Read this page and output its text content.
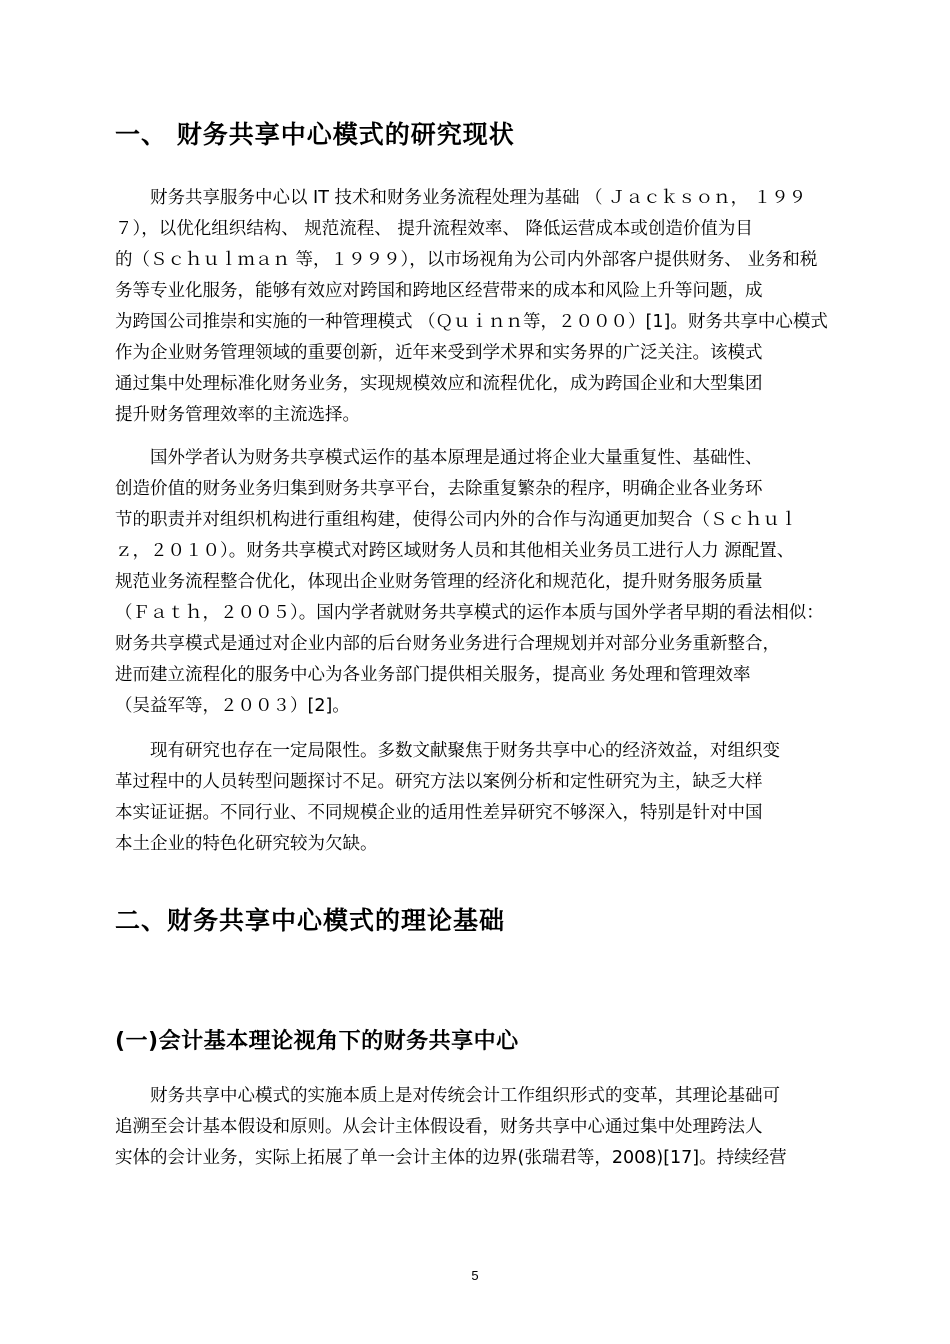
一、 财务共享中心模式的研究现状
财务共享服务中心以 IT 技术和财务业务流程处理为基础 （ Ｊａｃｋｓｏｎ， １９９
７），以优化组织结构、 规范流程、 提升流程效率、 降低运营成本或创造价值为目
的（Ｓｃｈｕｌｍａｎ 等，１９９９），以市场视角为公司内外部客户提供财务、 业务和税
务等专业化服务，能够有效应对跨国和跨地区经营带来的成本和风险上升等问题，成
为跨国公司推崇和实施的一种管理模式 （Ｑｕｉｎｎ等，２０００）[1]。财务共享中心模式
作为企业财务管理领域的重要创新，近年来受到学术界和实务界的广泛关注。该模式
通过集中处理标准化财务业务，实现规模效应和流程优化，成为跨国企业和大型集团
提升财务管理效率的主流选择。
国外学者认为财务共享模式运作的基本原理是通过将企业大量重复性、基础性、
创造价值的财务业务归集到财务共享平台，去除重复繁杂的程序，明确企业各业务环
节的职责并对组织机构进行重组构建，使得公司内外的合作与沟通更加契合（Ｓｃｈｕｌ
ｚ，２０１０）。财务共享模式对跨区域财务人员和其他相关业务员工进行人力 源配置、
规范业务流程整合优化，体现出企业财务管理的经济化和规范化，提升财务服务质量
（Ｆａｔｈ，２００５）。国内学者就财务共享模式的运作本质与国外学者早期的看法相似：
财务共享模式是通过对企业内部的后台财务业务进行合理规划并对部分业务重新整合，
进而建立流程化的服务中心为各业务部门提供相关服务，提高业 务处理和管理效率
（吴益军等，２００３）[2]。
现有研究也存在一定局限性。多数文献聚焦于财务共享中心的经济效益，对组织变
革过程中的人员转型问题探讨不足。研究方法以案例分析和定性研究为主，缺乏大样
本实证证据。不同行业、不同规模企业的适用性差异研究不够深入，特别是针对中国
本土企业的特色化研究较为欠缺。
二、财务共享中心模式的理论基础
(一)会计基本理论视角下的财务共享中心
财务共享中心模式的实施本质上是对传统会计工作组织形式的变革，其理论基础可
追溯至会计基本假设和原则。从会计主体假设看，财务共享中心通过集中处理跨法人
实体的会计业务，实际上拓展了单一会计主体的边界(张瑞君等，2008)[17]。持续经营
5
